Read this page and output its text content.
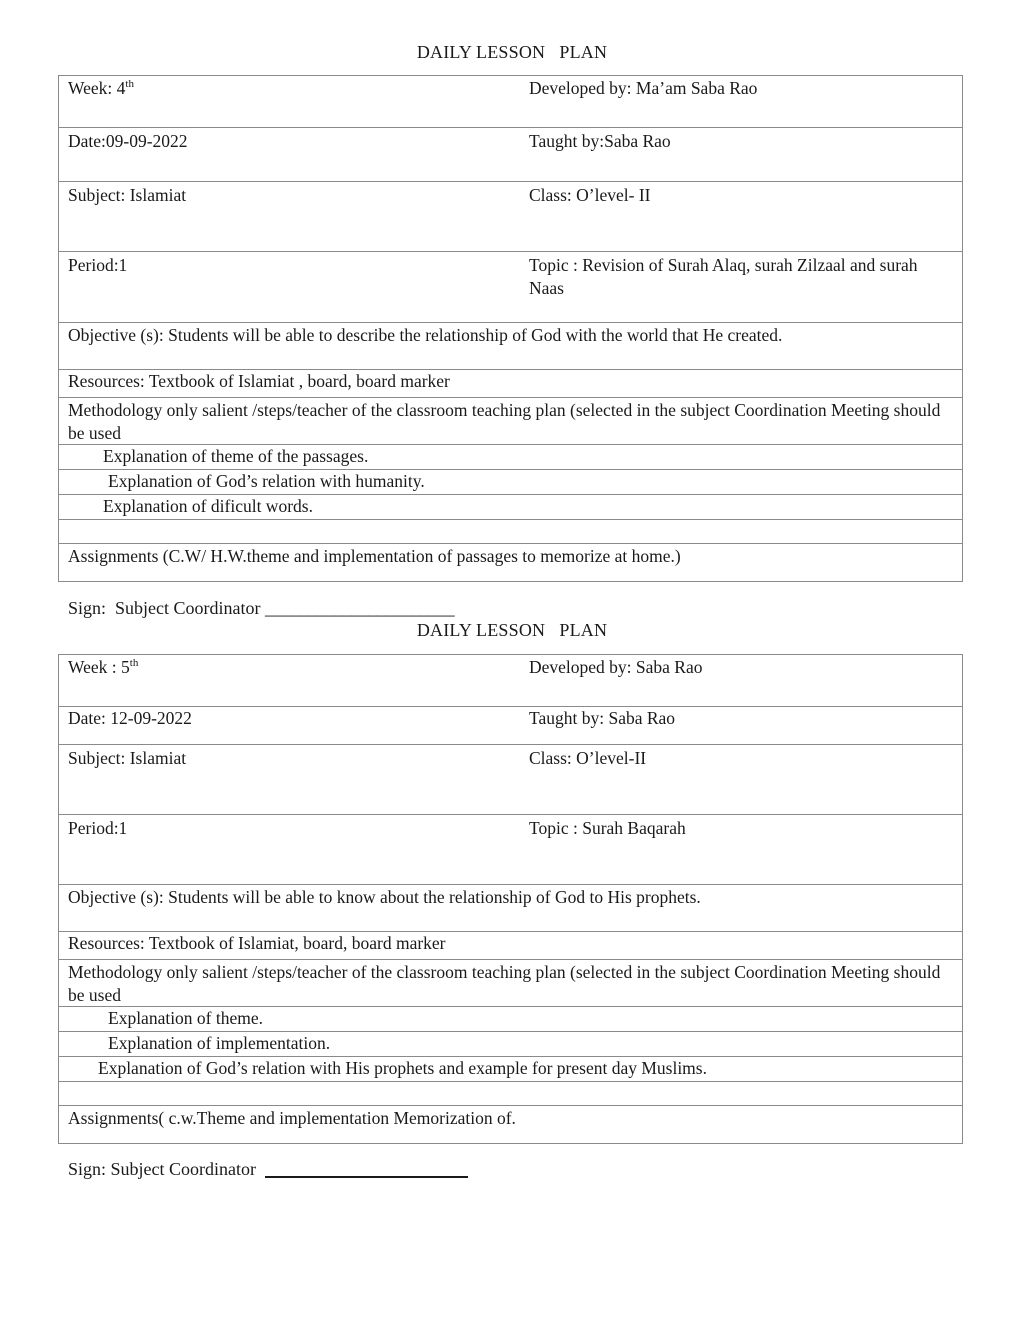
DAILY LESSON   PLAN
Week: 4th	Developed by: Ma’am Saba Rao
Date:09-09-2022	Taught by:Saba Rao
Subject: Islamiat	Class: O’level- II
Period:1	Topic : Revision of Surah Alaq, surah Zilzaal and surah Naas
Objective (s): Students will be able to describe the relationship of God with the world that He created.
Resources: Textbook of Islamiat , board, board marker
Methodology only salient /steps/teacher of the classroom teaching plan (selected in the subject Coordination Meeting should be used
Explanation of theme of the passages.
Explanation of God’s relation with humanity.
Explanation of dificult words.
Assignments (C.W/ H.W.theme and implementation of passages to memorize at home.)
Sign:  Subject Coordinator ______________________
DAILY LESSON   PLAN
Week : 5th	Developed by: Saba Rao
Date: 12-09-2022	Taught by: Saba Rao
Subject: Islamiat	Class: O’level-II
Period:1	Topic : Surah Baqarah
Objective (s): Students will be able to know about the relationship of God to His prophets.
Resources: Textbook of Islamiat, board, board marker
Methodology only salient /steps/teacher of the classroom teaching plan (selected in the subject Coordination Meeting should be used
Explanation of theme.
Explanation of implementation.
Explanation of God’s relation with His prophets and example for present day Muslims.
Assignments( c.w.Theme and implementation Memorization of.
Sign: Subject Coordinator
